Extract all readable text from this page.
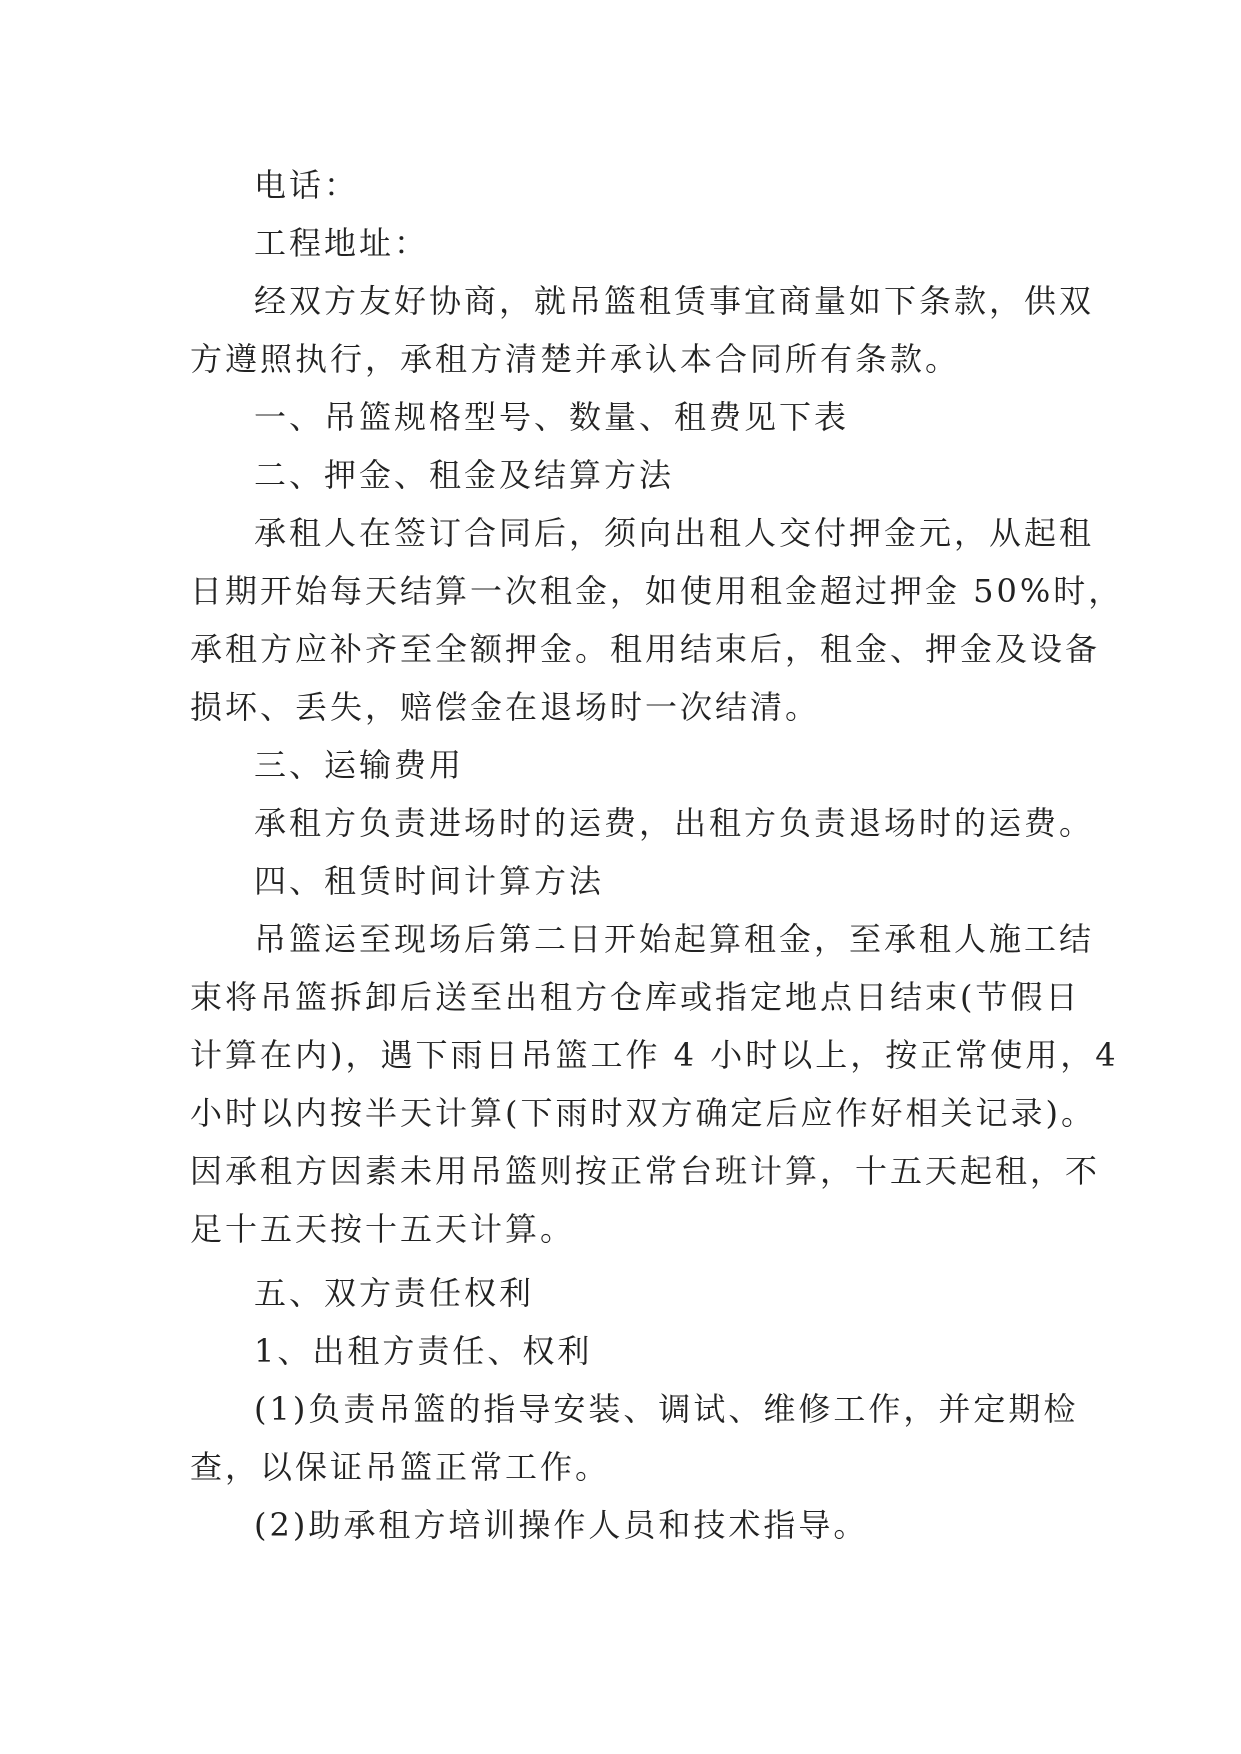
电话：
工程地址：
经双方友好协商，就吊篮租赁事宜商量如下条款，供双
方遵照执行，承租方清楚并承认本合同所有条款。
一、吊篮规格型号、数量、租费见下表
二、押金、租金及结算方法
承租人在签订合同后，须向出租人交付押金元，从起租
日期开始每天结算一次租金，如使用租金超过押金 50%时，
承租方应补齐至全额押金。租用结束后，租金、押金及设备
损坏、丢失，赔偿金在退场时一次结清。
三、运输费用
承租方负责进场时的运费，出租方负责退场时的运费。
四、租赁时间计算方法
吊篮运至现场后第二日开始起算租金，至承租人施工结
束将吊篮拆卸后送至出租方仓库或指定地点日结束(节假日
计算在内)，遇下雨日吊篮工作 4 小时以上，按正常使用，4
小时以内按半天计算(下雨时双方确定后应作好相关记录)。
因承租方因素未用吊篮则按正常台班计算，十五天起租，不
足十五天按十五天计算。
五、双方责任权利
1、出租方责任、权利
(1)负责吊篮的指导安装、调试、维修工作，并定期检
查，以保证吊篮正常工作。
(2)助承租方培训操作人员和技术指导。
